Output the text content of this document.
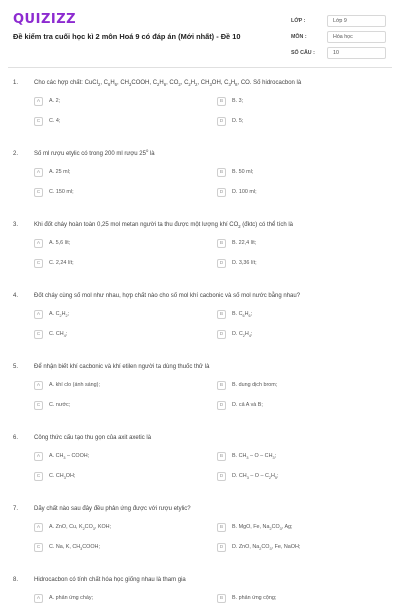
QUIZIZZ
Đề kiểm tra cuối học kì 2 môn Hoá 9 có đáp án (Mới nhất) - Đề 10
LỚP :	Lớp 9
MÔN :	Hóa học
SỐ CÂU :	10
1.	Cho các hợp chất: CuCl$_2$, $C_6H_6$, $CH_3COOH$, $C_2H_6$, $CO_2$, $C_2H_2$, $CH_3OH$, $C_3H_8$, CO. Số hidrocacbon là
A	A. 2;	B	B. 3;
C	C. 4;	D	D. 5;
2.	Số ml rượu etylic có trong 200 ml rượu 25$^o$ là
A	A. 25 ml;	B	B. 50 ml;
C	C. 150 ml;	D	D. 100 ml;
3.	Khi đốt cháy hoàn toàn 0,25 mol metan người ta thu được một lượng khí $CO_2$ (đktc) có thể tích là
A	A. 5,6 lít;	B	B. 22,4 lít;
C	C. 2,24 lít;	D	D. 3,36 lít;
4.	Đốt cháy cùng số mol như nhau, hợp chất nào cho số mol khí cacbonic và số mol nước bằng nhau?
A	A. $C_2H_2$;	B	B. $C_6H_6$;
C	C. $CH_4$;	D	D. $C_2H_4$;
5.	Để nhận biết khí cacbonic và khí etilen người ta dùng thuốc thử là
A	A. khí clo (ánh sáng);	B	B. dung dịch brom;
C	C. nước;	D	D. cả A và B;
6.	Công thức cấu tạo thu gọn của axit axetic là
A	A. $CH_3$ – COOH;	B	B. $CH_3$ – O – $CH_3$;
C	C. $CH_3OH$;	D	D. $CH_3$ – O – $C_2H_5$;
7.	Dãy chất nào sau đây đều phản ứng được với rượu etylic?
A	A. ZnO, Cu, $K_2CO_3$, KOH;	B	B. MgO, Fe, $Na_2CO_3$, Ag;
C	C. Na, K, $CH_3COOH$;	D	D. ZnO, $Na_2CO_3$, Fe, NaOH;
8.	Hidrocacbon có tính chất hóa học giống nhau là tham gia
A	A. phản ứng cháy;	B	B. phản ứng cộng;
